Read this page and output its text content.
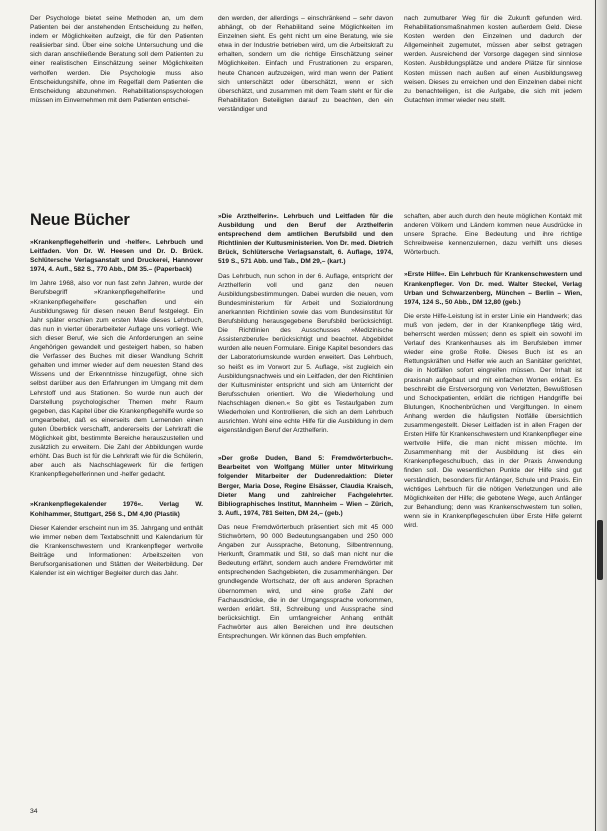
Der Psychologe bietet seine Methoden an, um dem Patienten bei der anstehenden Entscheidung zu helfen, indem er Möglichkeiten aufzeigt, die für den Patienten realisierbar sind. Über eine solche Untersuchung und die sich daran anschließende Beratung soll dem Patienten zu einer realistischen Einschätzung seiner Möglichkeiten verholfen werden. Die Psychologie muss also Entscheidungshilfe, ohne im Regelfall dem Patienten die Entscheidung abzunehmen. Rehabilitationspsychologen müssen im Einvernehmen mit dem Patienten entschei-

den werden, der allerdings – einschränkend – sehr davon abhängt, ob der Rehabilitand seine Möglichkeiten im Einzelnen sieht. Es geht nicht um eine Beratung, wie sie etwa in der Industrie betrieben wird, um die Arbeitskraft zu erhalten, sondern um die richtige Einschätzung seiner Möglichkeiten. Einfach und Frustrationen zu ersparen, heute Chancen aufzuzeigen, wird man wenn der Patient sich unterschätzt oder überschätzt, wenn er sich überschätzt, und zusammen mit dem Team steht er für die Rehabilitation Beteiligten darauf zu beachten, den ein verständiger und

nach zumutbarer Weg für die Zukunft gefunden wird. Rehabilitationsmaßnahmen kosten außerdem Geld. Diese Kosten werden den Einzelnen und dadurch der Allgemeinheit zugemutet, müssen aber selbst getragen werden. Ausreichend der Vorsorge dagegen sind sinnlose Kosten. Ausbildungsplätze und andere Plätze für sinnlose Kosten müssen nach außen auf einen Ausbildungsweg weisen. Dieses zu erreichen und den Einzelnen dabei nicht zu benachteiligen, ist die Aufgabe, die sich mit jedem Gutachten immer wieder neu stellt.

Neue Bücher
»Krankenpflegehelferin und -helfer«. Lehrbuch und Leitfaden. Von Dr. W. Heesen und Dr. D. Brück. Schlütersche Verlagsanstalt und Druckerei, Hannover 1974, 4. Aufl., 582 S., 770 Abb., DM 35.– (Paperback)

Im Jahre 1968, also vor nun fast zehn Jahren, wurde der Berufsbegriff »Krankenpflegehelferin« und »Krankenpflegehelfer« geschaffen und ein Ausbildungsweg für diesen neuen Beruf festgelegt. Ein Jahr später erschien zum ersten Male dieses Lehrbuch, das nun in vierter überarbeiteter Auflage uns vorliegt. Wie sich dieser Beruf, wie sich die Anforderungen an seine Angehörigen gewandelt und gesteigert haben, so haben die Verfasser des Buches mit dieser Wandlung Schritt gehalten und immer wieder auf dem neuesten Stand des Wissens und der Erkenntnisse hinzugefügt, ohne sich selbst darüber aus den Erfahrungen im Umgang mit dem Lehrstoff und aus Stationen. So wurde nun auch der Darstellung psychologischer Themen mehr Raum gegeben, das Kapitel über die Krankenpflegehilfe wurde so umgearbeitet, daß es einerseits dem Lernenden einen guten Überblick verschafft, andererseits der Lehrkraft die Möglichkeit gibt, bestimmte Bereiche herauszustellen und zusätzlich zu erweitern. Die Zahl der Abbildungen wurde erhöht. Das Buch ist für die Lehrkraft wie für die Schülerin, aber auch als Nachschlagewerk für die fertigen Krankenpflegehelferinnen und -helfer gedacht.

»Krankenpflegekalender 1976«. Verlag W. Kohlhammer, Stuttgart, 256 S., DM 4,90 (Plastik)

Dieser Kalender erscheint nun im 35. Jahrgang und enthält wie immer neben dem Textabschnitt und Kalendarium für die Krankenschwestern und Krankenpfleger wertvolle Beiträge und Informationen: Arbeitszeiten von Berufsorganisationen und Stätten der Weiterbildung. Der Kalender ist ein wichtiger Begleiter durch das Jahr.

»Die Arzthelferin«. Lehrbuch und Leitfaden für die Ausbildung und den Beruf der Arzthelferin entsprechend dem amtlichen Berufsbild und den Richtlinien der Kultusministerien. Von Dr. med. Dietrich Brück, Schlütersche Verlagsanstalt, 6. Auflage, 1974, 519 S., 571 Abb. und Tab., DM 29,– (kart.)

Das Lehrbuch, nun schon in der 6. Auflage, entspricht der Arzthelferin voll und ganz den neuen Ausbildungsbestimmungen. Dabei wurden die neuen, vom Bundesministerium für Arbeit und Sozialordnung anerkannten Richtlinien sowie das vom Bundesinstitut für Berufsbildung herausgegebene Berufsbild berücksichtigt. Die Richtlinien des Ausschusses »Medizinische Assistenzberufe« berücksichtigt und beachtet. Abgebildet wurden alle neuen Formulare. Einige Kapitel besonders das der Laboratoriumskunde wurden erweitert. Das Lehrbuch, so heißt es im Vorwort zur 5. Auflage, »ist zugleich ein Ausbildungsnachweis und ein Leitfaden, der den Richtlinien der Kultusminister entspricht und sich am Unterricht der Berufsschulen orientiert. Wo die Wiederholung und Nachschlagen dienen.« So gibt es Testaufgaben zum Wiederholen und Kontrollieren, die sich an dem Lehrbuch ausrichten. Wohl eine echte Hilfe für die Ausbildung in dem eigenständigen Beruf der Arzthelferin.

»Der große Duden, Band 5: Fremdwörterbuch«. Bearbeitet von Wolfgang Müller unter Mitwirkung folgender Mitarbeiter der Dudenredaktion: Dieter Berger, Maria Dose, Regine Elsässer, Claudia Kraisch, Dieter Mang und zahlreicher Fachgelehrter. Bibliographisches Institut, Mannheim – Wien – Zürich, 3. Aufl., 1974, 781 Seiten, DM 24,– (geb.)

Das neue Fremdwörterbuch präsentiert sich mit 45 000 Stichwörtern, 90 000 Bedeutungsangaben und 250 000 Angaben zur Aussprache, Betonung, Silbentrennung, Herkunft, Grammatik und Stil, so daß man nicht nur die Bedeutung erfährt, sondern auch andere Fremdwörter mit entsprechenden Sachgebieten, die zusammenhängen. Der grundlegende Wortschatz, der oft aus anderen Sprachen übernommen wird, und eine große Zahl der Fachausdrücke, die in der Umgangssprache vorkommen, werden erklärt. Stil, Schreibung und Aussprache sind berücksichtigt. Ein umfangreicher Anhang enthält Fachwörter aus allen Bereichen und ihre deutschen Entsprechungen. Wir können das Buch empfehlen.

schaften, aber auch durch den heute möglichen Kontakt mit anderen Völkern und Ländern kommen neue Ausdrücke in unsere Sprache. Eine Bedeutung und ihre richtige Schreibweise kennenzulernen, dazu verhilft uns dieses Wörterbuch.

»Erste Hilfe«. Ein Lehrbuch für Krankenschwestern und Krankenpfleger. Von Dr. med. Walter Steckel, Verlag Urban und Schwarzenberg, München – Berlin – Wien, 1974, 124 S., 50 Abb., DM 12,80 (geb.)

Die erste Hilfe-Leistung ist in erster Linie ein Handwerk; das muß von jedem, der in der Krankenpflege tätig wird, beherrscht werden müssen; denn es spielt ein sowohl im Verlauf des Krankenhauses als im Berufsleben immer wieder eine große Rolle. Dieses Buch ist es an Rettungskräften und Helfer wie auch an Sanitäter gerichtet, die in Notfällen sofort eingreifen müssen. Der Inhalt ist praxisnah aufgebaut und mit einfachen Worten erklärt. Es beschreibt die Erstversorgung von Verletzten, Bewußtlosen und Schockpatienten, erklärt die richtigen Handgriffe bei Blutungen, Knochenbrüchen und Vergiftungen. In einem Anhang werden die häufigsten Notfälle übersichtlich zusammengestellt. Dieser Leitfaden ist in allen Fragen der Ersten Hilfe für Krankenschwestern und Krankenpfleger eine wertvolle Hilfe, die man nicht missen möchte. Im Zusammenhang mit der Ausbildung ist dies ein Krankenpflegeschulbuch, das in der Praxis Anwendung finden soll. Die wesentlichen Punkte der Hilfe sind gut verständlich, besonders für Anfänger, Schule und Praxis. Ein wichtiges Lehrbuch für die nötigen Verletzungen und alle Möglichkeiten der Hilfe; die gebotene Wege, auch Anfänger zur Behandlung; denn was Krankenschwestern tun sollen, wenn sie in Krankenpflegeschulen über Erste Hilfe gelernt wird.

34
